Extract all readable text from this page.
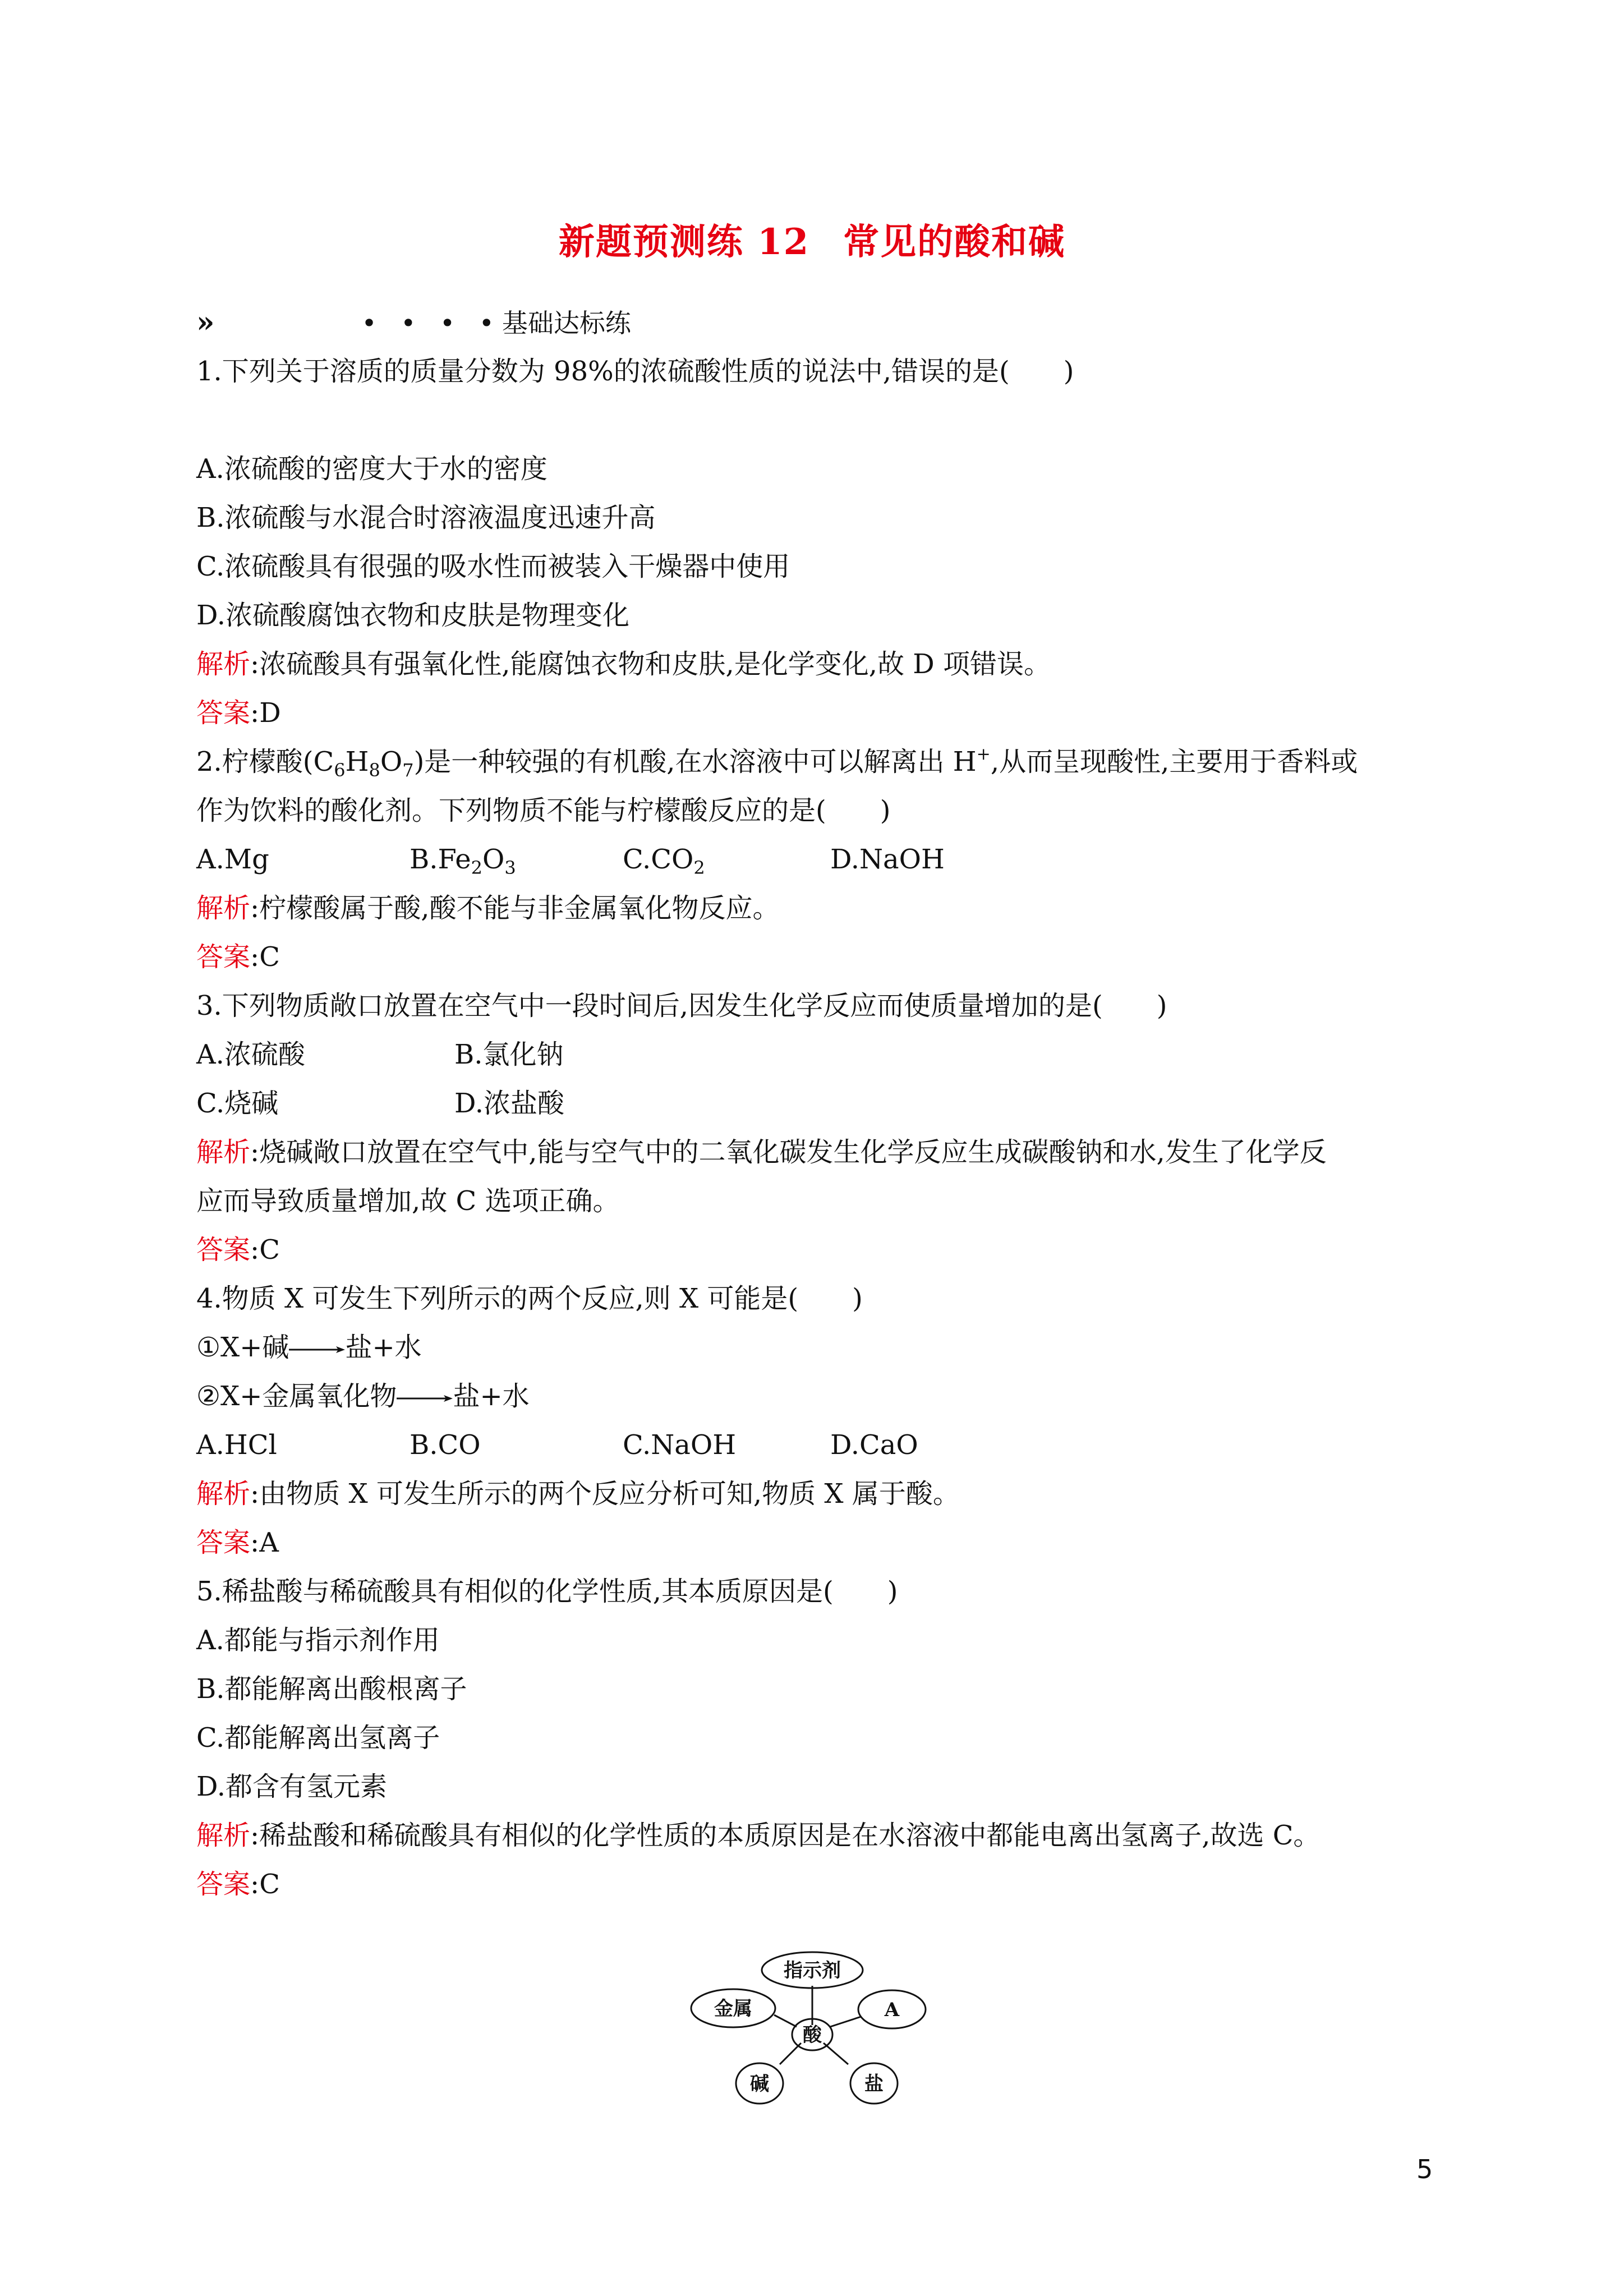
新题预测练 12 常见的酸和碱
»	• • • •基础达标练
1.下列关于溶质的质量分数为 98%的浓硫酸性质的说法中,错误的是(　　)
A.浓硫酸的密度大于水的密度
B.浓硫酸与水混合时溶液温度迅速升高
C.浓硫酸具有很强的吸水性而被装入干燥器中使用
D.浓硫酸腐蚀衣物和皮肤是物理变化
解析:浓硫酸具有强氧化性,能腐蚀衣物和皮肤,是化学变化,故 D 项错误。
答案:D
2.柠檬酸$(C_6H_8O_7)$是一种较强的有机酸,在水溶液中可以解离出 H+,从而呈现酸性,主要用于香料或
作为饮料的酸化剂。下列物质不能与柠檬酸反应的是(　　)
A.Mg	$B.Fe_2O_3$	$C.CO_2$	D.NaOH
解析:柠檬酸属于酸,酸不能与非金属氧化物反应。
答案:C
3.下列物质敞口放置在空气中一段时间后,因发生化学反应而使质量增加的是(　　)
A.浓硫酸	B.氯化钠
C.烧碱	D.浓盐酸
解析:烧碱敞口放置在空气中,能与空气中的二氧化碳发生化学反应生成碳酸钠和水,发生了化学反
应而导致质量增加,故 C 选项正确。
答案:C
4.物质 X 可发生下列所示的两个反应,则 X 可能是(　　)
①X+碱 盐+水
②X+金属氧化物 盐+水
A.HCl	B.CO	C.NaOH	D.CaO
解析:由物质 X 可发生所示的两个反应分析可知,物质 X 属于酸。
答案:A
5.稀盐酸与稀硫酸具有相似的化学性质,其本质原因是(　　)
A.都能与指示剂作用
B.都能解离出酸根离子
C.都能解离出氢离子
D.都含有氢元素
解析:稀盐酸和稀硫酸具有相似的化学性质的本质原因是在水溶液中都能电离出氢离子,故选 C。
答案:C
指示剂
金属
酸
A
碱	盐
5
